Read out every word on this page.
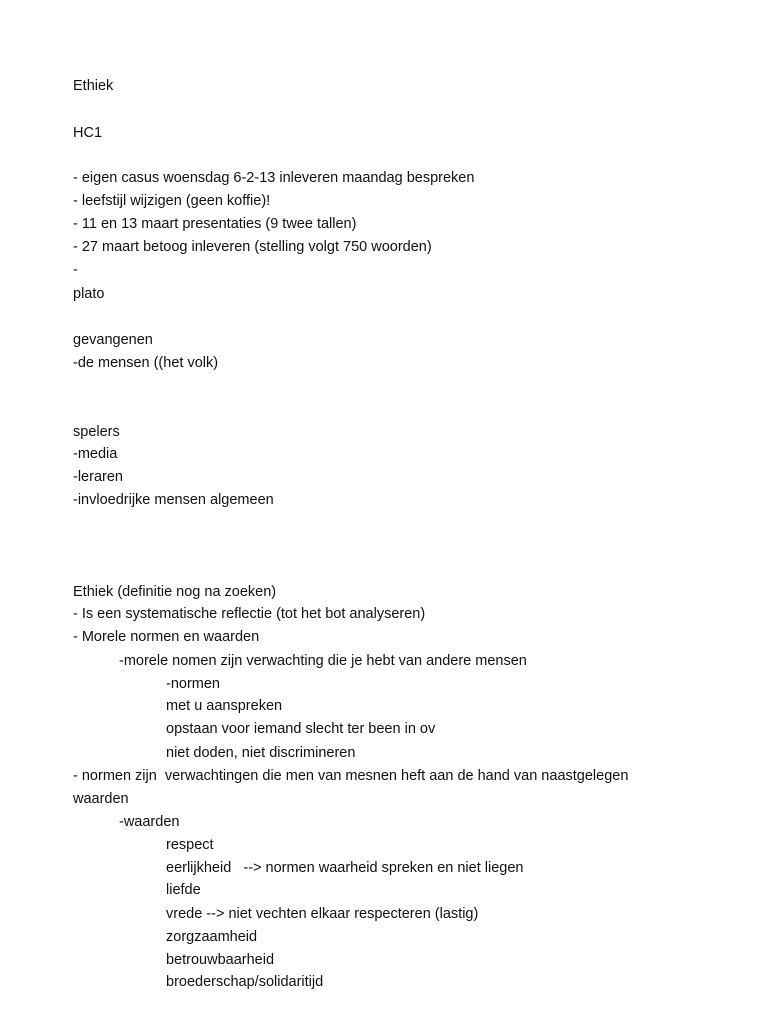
Ethiek
HC1
- eigen casus woensdag 6-2-13 inleveren maandag bespreken
- leefstijl wijzigen (geen koffie)!
- 11 en 13 maart presentaties (9 twee tallen)
- 27 maart betoog inleveren (stelling volgt 750 woorden)
-
plato
gevangenen
-de mensen ((het volk)
spelers
-media
-leraren
-invloedrijke mensen algemeen
Ethiek (definitie nog na zoeken)
- Is een systematische reflectie (tot het bot analyseren)
- Morele normen en waarden
-morele nomen zijn verwachting die je hebt van andere mensen
-normen
met u aanspreken
opstaan voor iemand slecht ter been in ov
niet doden, niet discrimineren
- normen zijn  verwachtingen die men van mesnen heft aan de hand van naastgelegen
waarden
-waarden
respect
eerlijkheid   --> normen waarheid spreken en niet liegen
liefde
vrede --> niet vechten elkaar respecteren (lastig)
zorgzaamheid
betrouwbaarheid
broederschap/solidaritijd
